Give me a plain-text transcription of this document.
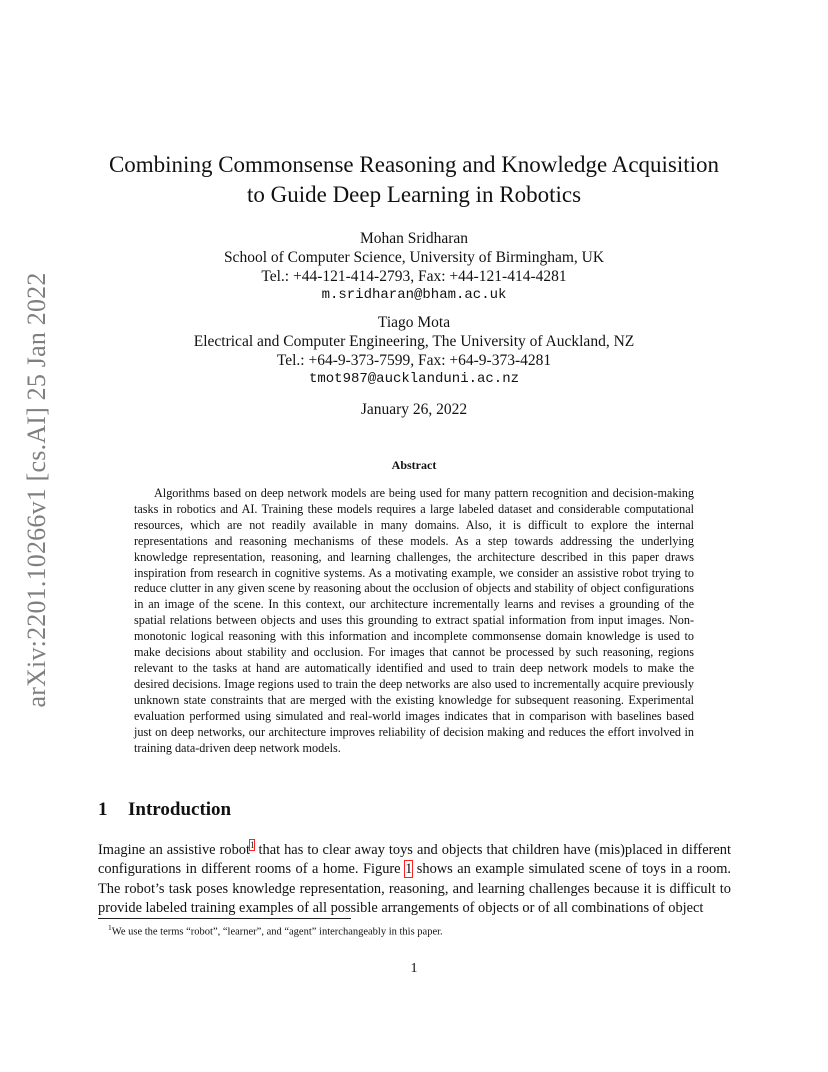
arXiv:2201.10266v1 [cs.AI] 25 Jan 2022
Combining Commonsense Reasoning and Knowledge Acquisition
to Guide Deep Learning in Robotics
Mohan Sridharan
School of Computer Science, University of Birmingham, UK
Tel.: +44-121-414-2793, Fax: +44-121-414-4281
m.sridharan@bham.ac.uk
Tiago Mota
Electrical and Computer Engineering, The University of Auckland, NZ
Tel.: +64-9-373-7599, Fax: +64-9-373-4281
tmot987@aucklanduni.ac.nz
January 26, 2022
Abstract
Algorithms based on deep network models are being used for many pattern recognition and decision-making tasks in robotics and AI. Training these models requires a large labeled dataset and considerable computational resources, which are not readily available in many domains. Also, it is difficult to explore the internal representations and reasoning mechanisms of these models. As a step towards addressing the underlying knowledge representation, reasoning, and learning challenges, the architecture described in this paper draws inspiration from research in cognitive systems. As a motivating example, we consider an assistive robot trying to reduce clutter in any given scene by reasoning about the occlusion of objects and stability of object configurations in an image of the scene. In this context, our architecture incrementally learns and revises a grounding of the spatial relations between objects and uses this grounding to extract spatial information from input images. Non-monotonic logical reasoning with this information and incomplete commonsense domain knowledge is used to make decisions about stability and occlusion. For images that cannot be processed by such reasoning, regions relevant to the tasks at hand are automatically identified and used to train deep network models to make the desired decisions. Image regions used to train the deep networks are also used to incrementally acquire previously unknown state constraints that are merged with the existing knowledge for subsequent reasoning. Experimental evaluation performed using simulated and real-world images indicates that in comparison with baselines based just on deep networks, our architecture improves reliability of decision making and reduces the effort involved in training data-driven deep network models.
1 Introduction
Imagine an assistive robot$^1$ that has to clear away toys and objects that children have (mis)placed in different configurations in different rooms of a home. Figure 1 shows an example simulated scene of toys in a room. The robot’s task poses knowledge representation, reasoning, and learning challenges because it is difficult to provide labeled training examples of all possible arrangements of objects or of all combinations of object
$^1$We use the terms “robot”, “learner”, and “agent” interchangeably in this paper.
1
